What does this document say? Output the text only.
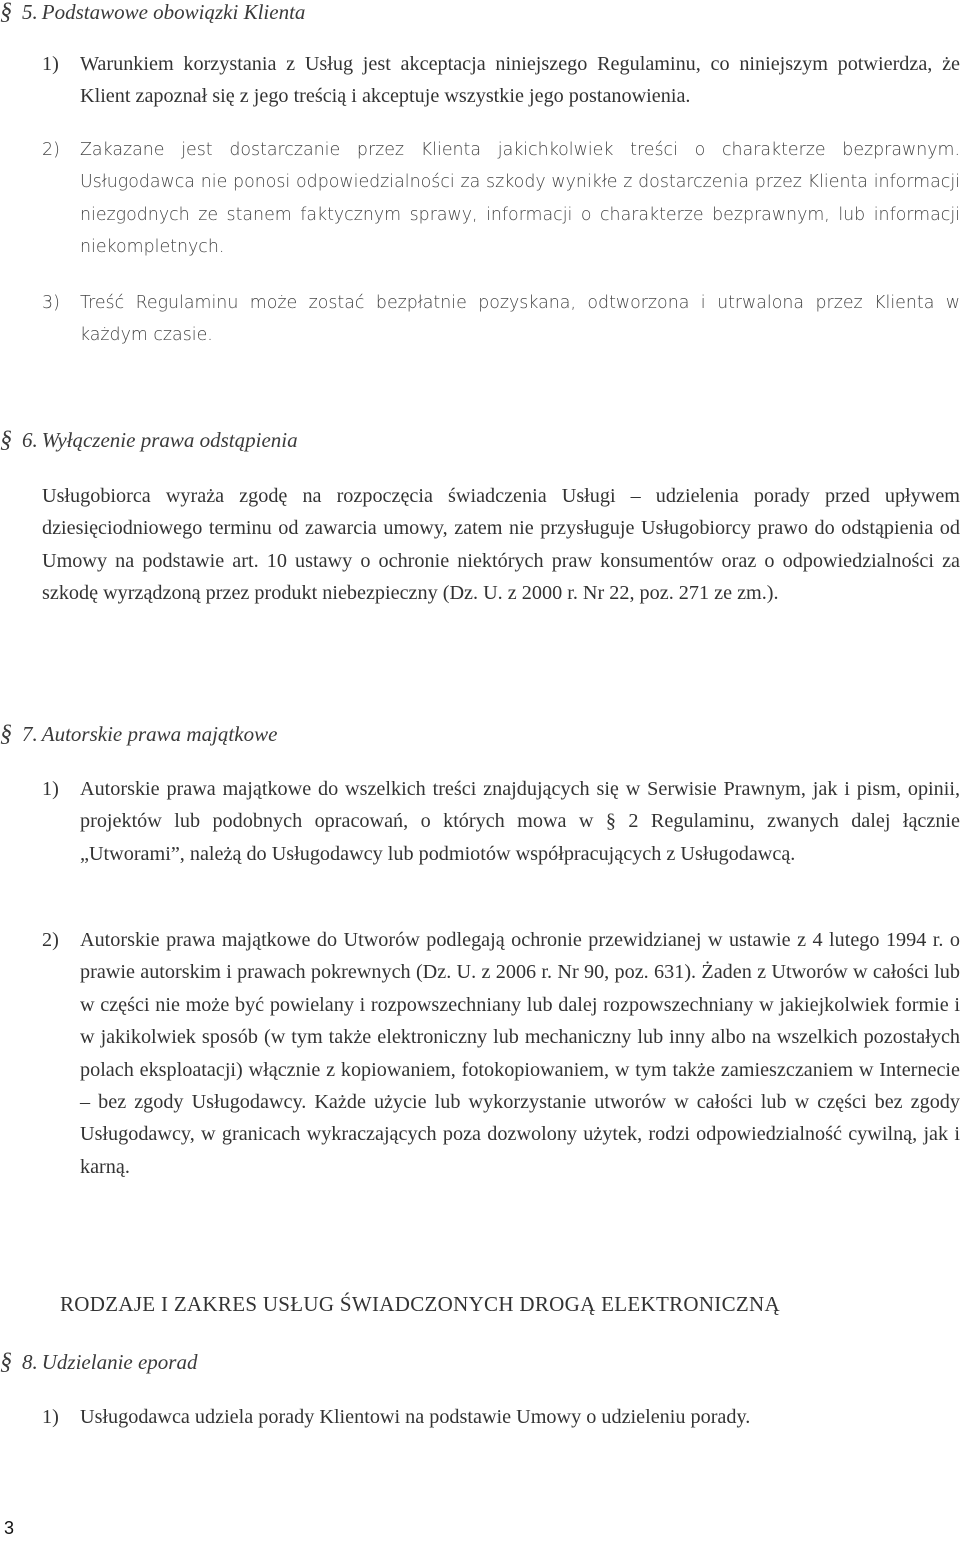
§ 5. Podstawowe obowiązki Klienta
1) Warunkiem korzystania z Usług jest akceptacja niniejszego Regulaminu, co niniejszym potwierdza, że Klient zapoznał się z jego treścią i akceptuje wszystkie jego postanowienia.
2) Zakazane jest dostarczanie przez Klienta jakichkolwiek treści o charakterze bezprawnym. Usługodawca nie ponosi odpowiedzialności za szkody wynikłe z dostarczenia przez Klienta informacji niezgodnych ze stanem faktycznym sprawy, informacji o charakterze bezprawnym, lub informacji niekompletnych.
3) Treść Regulaminu może zostać bezpłatnie pozyskana, odtworzona i utrwalona przez Klienta w każdym czasie.
§ 6. Wyłączenie prawa odstąpienia
Usługobiorca wyraża zgodę na rozpoczęcia świadczenia Usługi – udzielenia porady przed upływem dziesięciodniowego terminu od zawarcia umowy, zatem nie przysługuje Usługobiorcy prawo do odstąpienia od Umowy na podstawie art. 10 ustawy o ochronie niektórych praw konsumentów oraz o odpowiedzialności za szkodę wyrządzoną przez produkt niebezpieczny (Dz. U. z 2000 r. Nr 22, poz. 271 ze zm.).
§ 7. Autorskie prawa majątkowe
1) Autorskie prawa majątkowe do wszelkich treści znajdujących się w Serwisie Prawnym, jak i pism, opinii, projektów lub podobnych opracowań, o których mowa w § 2 Regulaminu, zwanych dalej łącznie „Utworami”, należą do Usługodawcy lub podmiotów współpracujących z Usługodawcą.
2) Autorskie prawa majątkowe do Utworów podlegają ochronie przewidzianej w ustawie z 4 lutego 1994 r. o prawie autorskim i prawach pokrewnych (Dz. U. z 2006 r. Nr 90, poz. 631). Żaden z Utworów w całości lub w części nie może być powielany i rozpowszechniany lub dalej rozpowszechniany w jakiejkolwiek formie i w jakikolwiek sposób (w tym także elektroniczny lub mechaniczny lub inny albo na wszelkich pozostałych polach eksploatacji) włącznie z kopiowaniem, fotokopiowaniem, w tym także zamieszczaniem w Internecie – bez zgody Usługodawcy. Każde użycie lub wykorzystanie utworów w całości lub w części bez zgody Usługodawcy, w granicach wykraczających poza dozwolony użytek, rodzi odpowiedzialność cywilną, jak i karną.
RODZAJE I ZAKRES USŁUG ŚWIADCZONYCH DROGĄ ELEKTRONICZNĄ
§ 8. Udzielanie eporad
1) Usługodawca udziela porady Klientowi na podstawie Umowy o udzieleniu porady.
3
